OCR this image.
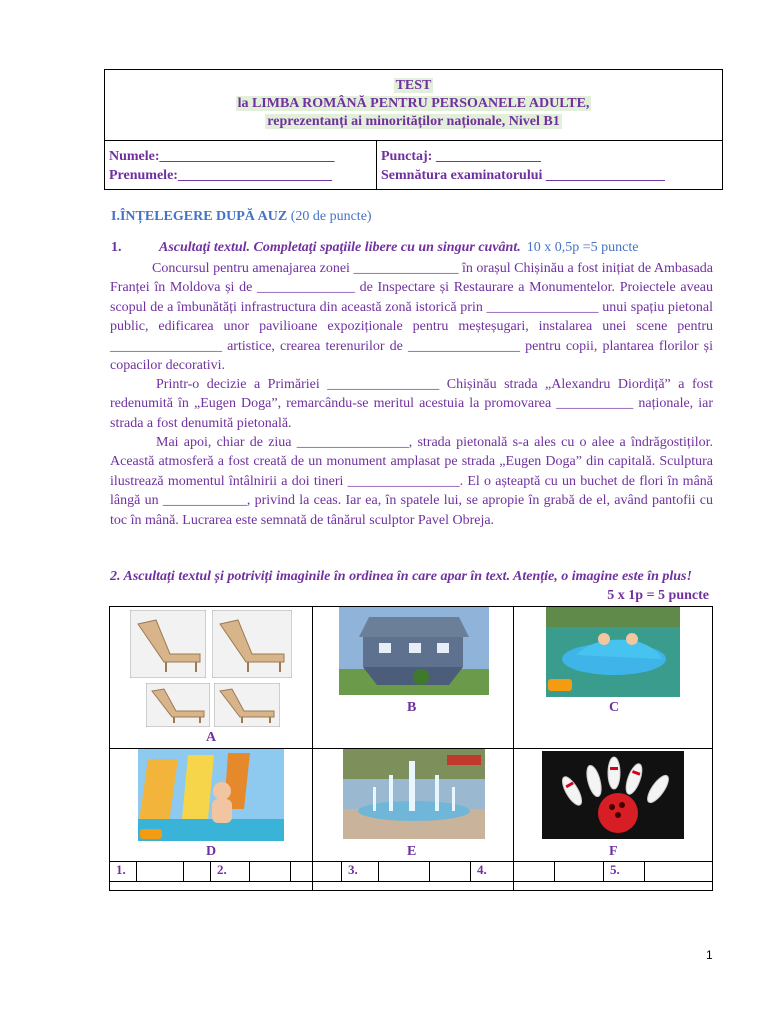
TEST
la LIMBA ROMÂNĂ PENTRU PERSOANELE ADULTE,
reprezentanți ai minorităților naționale, Nivel B1
Numele:_________________________
Prenumele:______________________
Punctaj: _______________
Semnătura examinatorului _________________
I.ÎNȚELEGERE DUPĂ AUZ (20 de puncte)
1.	Ascultaţi textul. Completaţi spaţiile libere cu un singur cuvânt. 10 x 0,5p =5 puncte
Concursul pentru amenajarea zonei _______________ în orașul Chișinău a fost inițiat de Ambasada Franței în Moldova și de ______________ de Inspectare și Restaurare a Monumentelor. Proiectele aveau scopul de a îmbunătăți infrastructura din această zonă istorică prin ________________ unui spațiu pietonal public, edificarea unor pavilioane expoziționale pentru meșteșugari, instalarea unei scene pentru ________________ artistice, crearea terenurilor de ________________ pentru copii, plantarea florilor și copacilor decorativi.
Printr-o decizie a Primăriei ________________ Chișinău strada „Alexandru Diordiță” a fost redenumită în „Eugen Doga”, remarcându-se meritul acestuia la promovarea ___________ naționale, iar strada a fost denumită pietonală.
Mai apoi, chiar de ziua ________________, strada pietonală s-a ales cu o alee a îndrăgostiților. Această atmosferă a fost creată de un monument amplasat pe strada „Eugen Doga” din capitală. Sculptura ilustrează momentul întâlnirii a doi tineri ________________. El o așteaptă cu un buchet de flori în mână lângă un ____________, privind la ceas. Iar ea, în spatele lui, se apropie în grabă de el, având pantofii cu toc în mână. Lucrarea este semnată de tânărul sculptor Pavel Obreja.
2. Ascultați textul și potriviți imaginile în ordinea în care apar în text. Atenție, o imagine este în plus!
5 x 1p = 5 puncte
A	B	C

D	E	F
1.			2.			3.			4.			5.	
1
